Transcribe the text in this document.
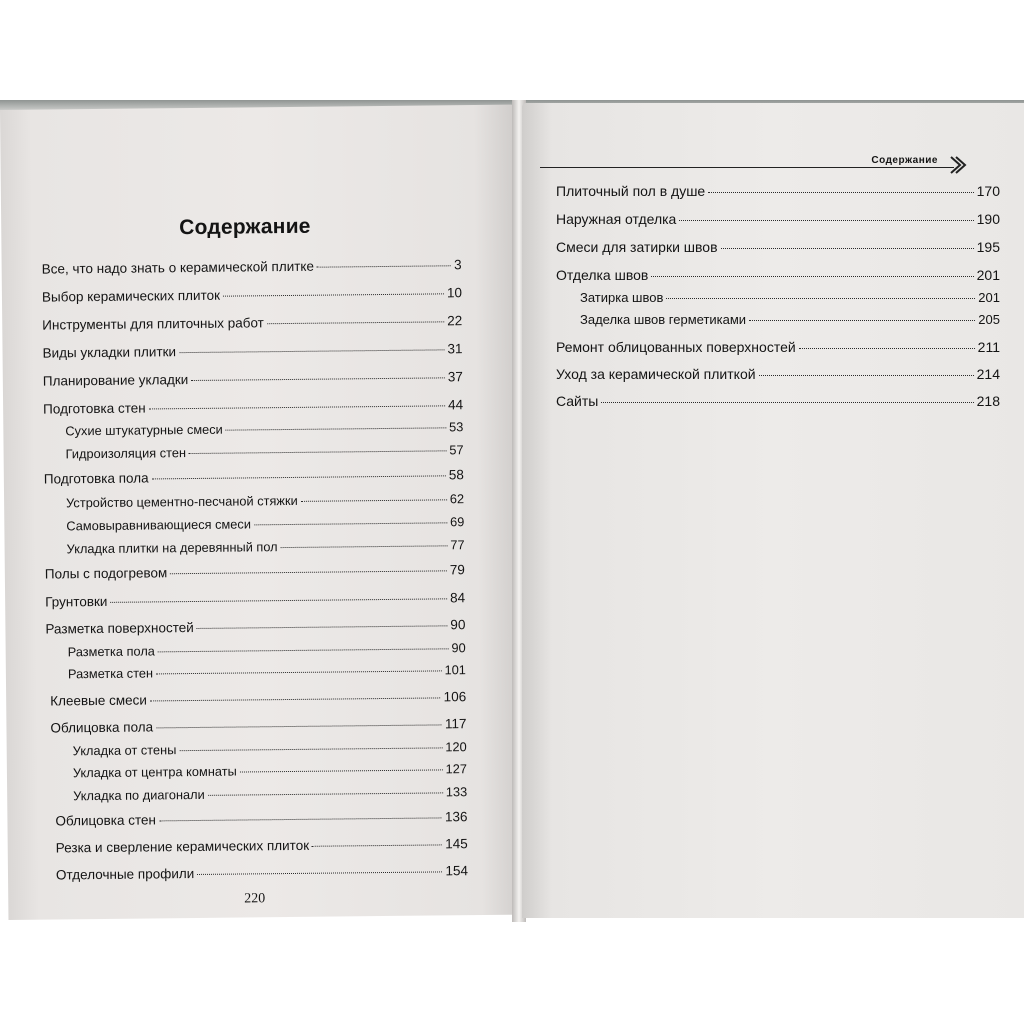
Содержание
Все, что надо знать о керамической плитке	3
Выбор керамических плиток	10
Инструменты для плиточных работ	22
Виды укладки плитки	31
Планирование укладки	37
Подготовка стен	44
Сухие штукатурные смеси	53
Гидроизоляция стен	57
Подготовка пола	58
Устройство цементно-песчаной стяжки	62
Самовыравнивающиеся смеси	69
Укладка плитки на деревянный пол	77
Полы с подогревом	79
Грунтовки	84
Разметка поверхностей	90
Разметка пола	90
Разметка стен	101
Клеевые смеси	106
Облицовка пола	117
Укладка от стены	120
Укладка от центра комнаты	127
Укладка по диагонали	133
Облицовка стен	136
Резка и сверление керамических плиток	145
Отделочные профили	154
220
Содержание
Плиточный пол в душе	170
Наружная отделка	190
Смеси для затирки швов	195
Отделка швов	201
Затирка швов	201
Заделка швов герметиками	205
Ремонт облицованных поверхностей	211
Уход за керамической плиткой	214
Сайты	218
